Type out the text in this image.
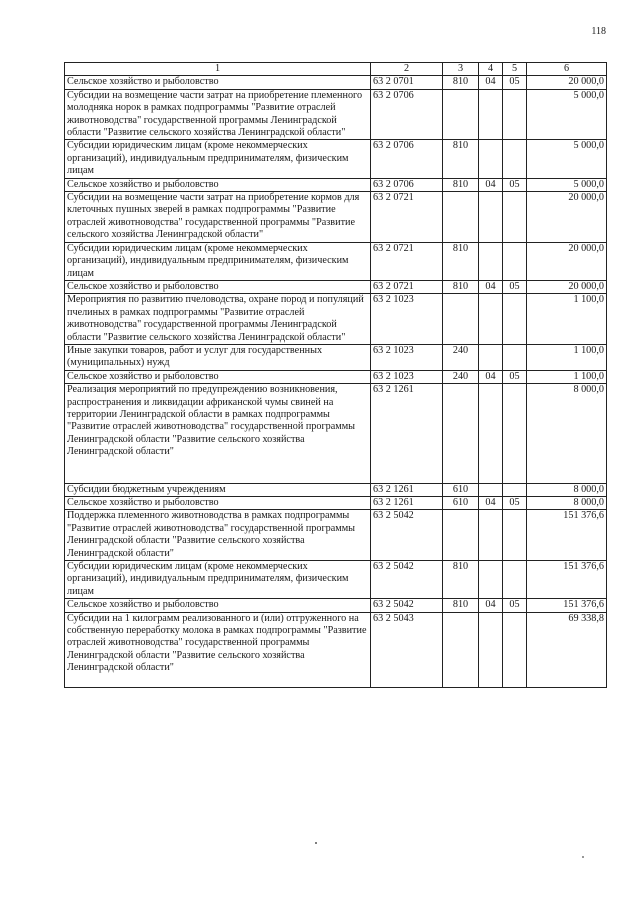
118
1	2	3	4	5	6
Сельское хозяйство и рыболовство	63 2 0701	810	04	05	20 000,0
Субсидии на возмещение части затрат на приобретение племенного молодняка норок в рамках подпрограммы "Развитие отраслей животноводства" государственной программы Ленинградской области "Развитие сельского хозяйства Ленинградской области"	63 2 0706				5 000,0
Субсидии юридическим лицам (кроме некоммерческих организаций), индивидуальным предпринимателям, физическим лицам	63 2 0706	810			5 000,0
Сельское хозяйство и рыболовство	63 2 0706	810	04	05	5 000,0
Субсидии на возмещение части затрат на приобретение кормов для клеточных пушных зверей в рамках подпрограммы "Развитие отраслей животноводства" государственной программы "Развитие сельского хозяйства Ленинградской области"	63 2 0721				20 000,0
Субсидии юридическим лицам (кроме некоммерческих организаций), индивидуальным предпринимателям, физическим лицам	63 2 0721	810			20 000,0
Сельское хозяйство и рыболовство	63 2 0721	810	04	05	20 000,0
Мероприятия по развитию пчеловодства, охране пород и популяций пчелиных в рамках подпрограммы "Развитие отраслей животноводства" государственной программы Ленинградской области "Развитие сельского хозяйства Ленинградской области"	63 2 1023				1 100,0
Иные закупки товаров, работ и услуг для государственных (муниципальных) нужд	63 2 1023	240			1 100,0
Сельское хозяйство и рыболовство	63 2 1023	240	04	05	1 100,0
Реализация мероприятий по предупреждению возникновения, распространения и ликвидации африканской чумы свиней на территории Ленинградской области в рамках подпрограммы "Развитие отраслей животноводства" государственной программы Ленинградской области "Развитие сельского хозяйства Ленинградской области"	63 2 1261				8 000,0
Субсидии бюджетным учреждениям	63 2 1261	610			8 000,0
Сельское хозяйство и рыболовство	63 2 1261	610	04	05	8 000,0
Поддержка племенного животноводства в рамках подпрограммы "Развитие отраслей животноводства" государственной программы Ленинградской области "Развитие сельского хозяйства Ленинградской области"	63 2 5042				151 376,6
Субсидии юридическим лицам (кроме некоммерческих организаций), индивидуальным предпринимателям, физическим лицам	63 2 5042	810			151 376,6
Сельское хозяйство и рыболовство	63 2 5042	810	04	05	151 376,6
Субсидии на 1 килограмм реализованного и (или) отгруженного на собственную переработку молока в рамках подпрограммы "Развитие отраслей животноводства" государственной программы Ленинградской области "Развитие сельского хозяйства Ленинградской области"	63 2 5043				69 338,8
